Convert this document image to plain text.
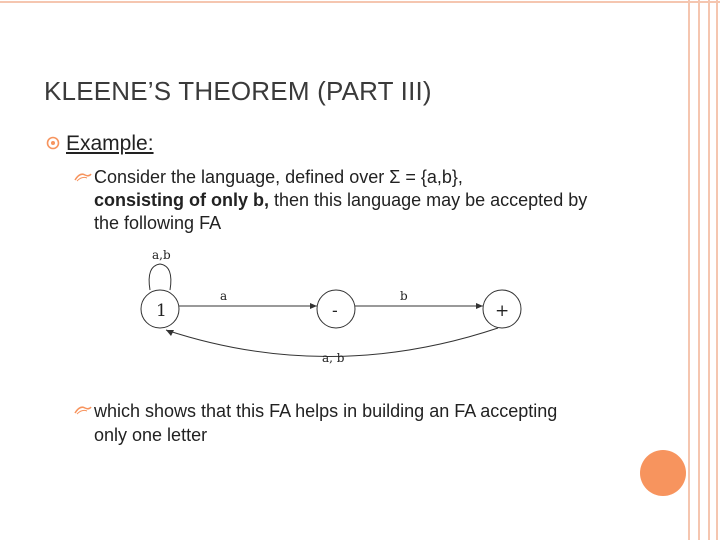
KLEENE’S THEOREM (PART III)
Example:
Consider the language, defined over Σ = {a,b},
consisting of only b, then this language may be accepted by the following FA
a,b
1	-	+
a	b
a, b
which shows that this FA helps in building an FA accepting only one letter
